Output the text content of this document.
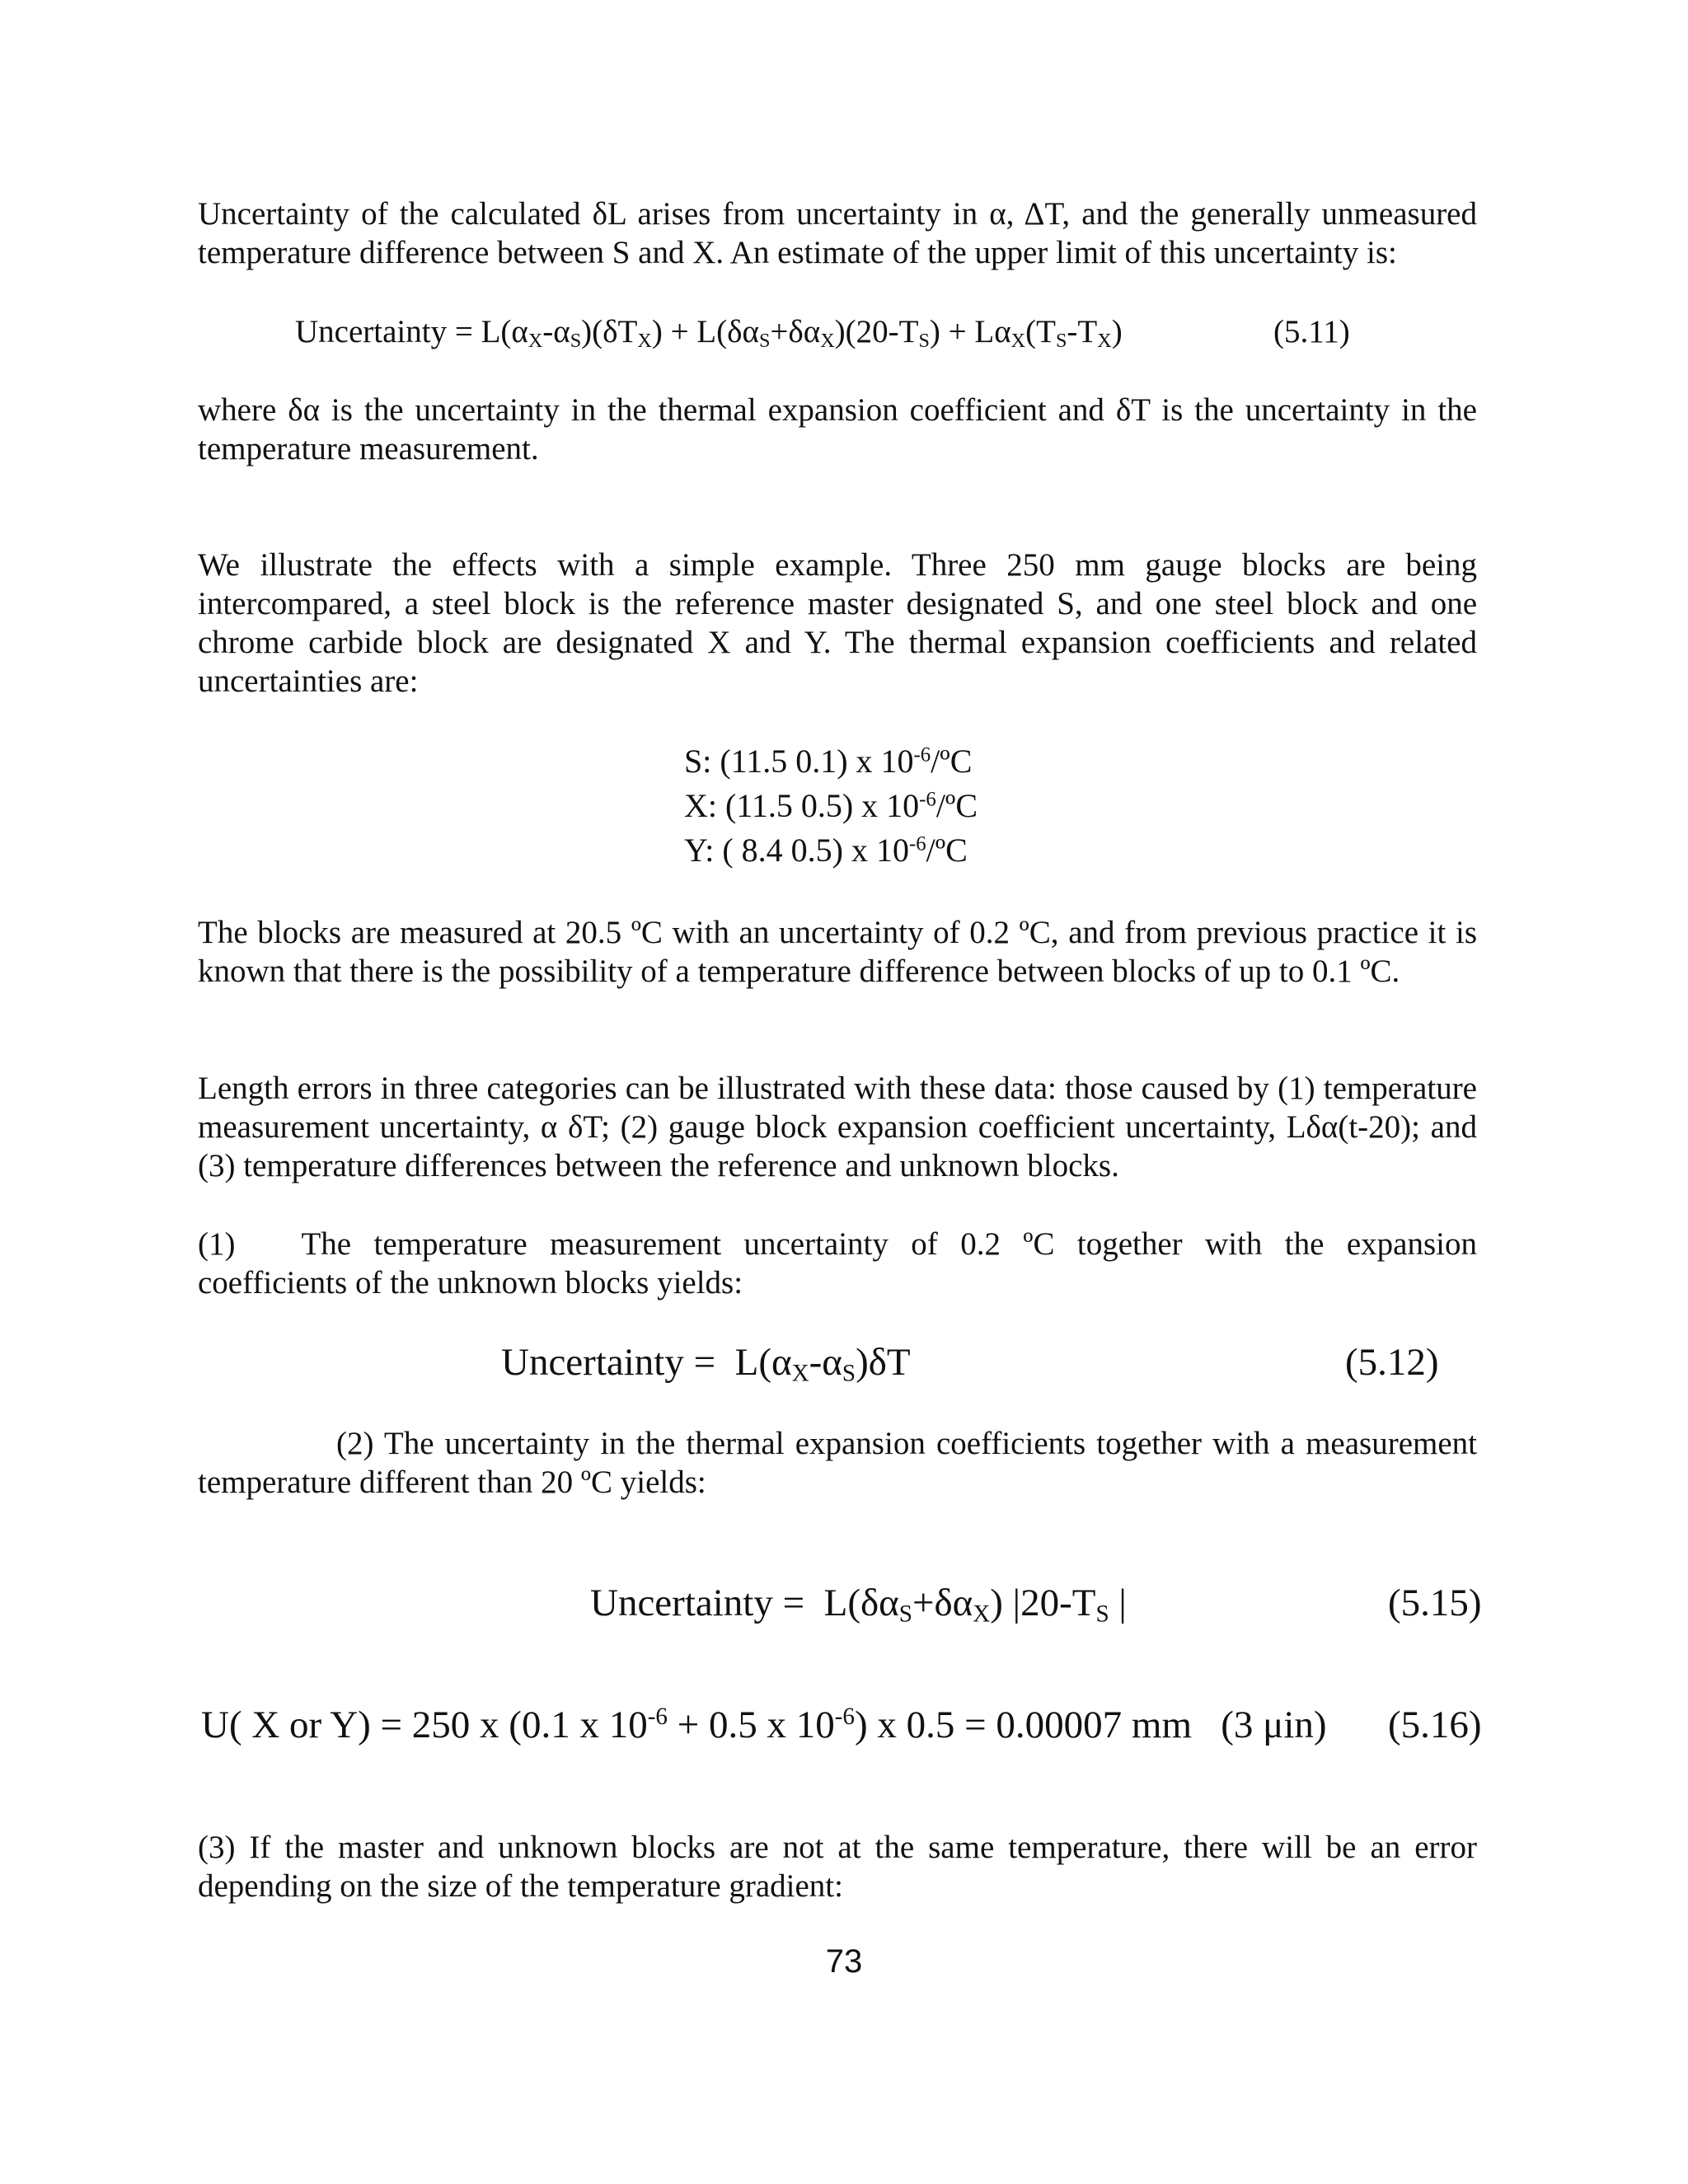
Uncertainty of the calculated δL arises from uncertainty in α, ΔT, and the generally unmeasured temperature difference between S and X. An estimate of the upper limit of this uncertainty is:

Uncertainty = $L(\alpha_X-\alpha_S)(\delta T_X) + L(\delta\alpha_S+\delta\alpha_X)(20-T_S) + L\alpha_X(T_S-T_X)$	(5.11)

where δα is the uncertainty in the thermal expansion coefficient and δT is the uncertainty in the temperature measurement.

We illustrate the effects with a simple example. Three 250 mm gauge blocks are being intercompared, a steel block is the reference master designated S, and one steel block and one chrome carbide block are designated X and Y. The thermal expansion coefficients and related uncertainties are:

S: (11.5 0.1) x $10^{-6}/ºC$
X: (11.5 0.5) x $10^{-6}/ºC$
Y: ( 8.4 0.5) x $10^{-6}/ºC$

The blocks are measured at 20.5 ºC with an uncertainty of 0.2 ºC, and from previous practice it is known that there is the possibility of a temperature difference between blocks of up to 0.1 ºC.

Length errors in three categories can be illustrated with these data: those caused by (1) temperature measurement uncertainty, α δT; (2) gauge block expansion coefficient uncertainty, Lδα(t-20); and (3) temperature differences between the reference and unknown blocks.

(1) The temperature measurement uncertainty of 0.2 ºC together with the expansion coefficients of the unknown blocks yields:

Uncertainty =  $L(\alpha_X-\alpha_S)\delta T$	(5.12)

(2) The uncertainty in the thermal expansion coefficients together with a measurement temperature different than 20 ºC yields:

Uncertainty =  $L(\delta\alpha_S+\delta\alpha_X)$ $|20-T_S$ |	(5.15)
U( X or Y) = 250 x (0.1 x $10^{-6} + 0.5$ x $10^{-6}$) x 0.5 = 0.00007 mm   (3 μin) (5.16)

(3) If the master and unknown blocks are not at the same temperature, there will be an error depending on the size of the temperature gradient:

73
